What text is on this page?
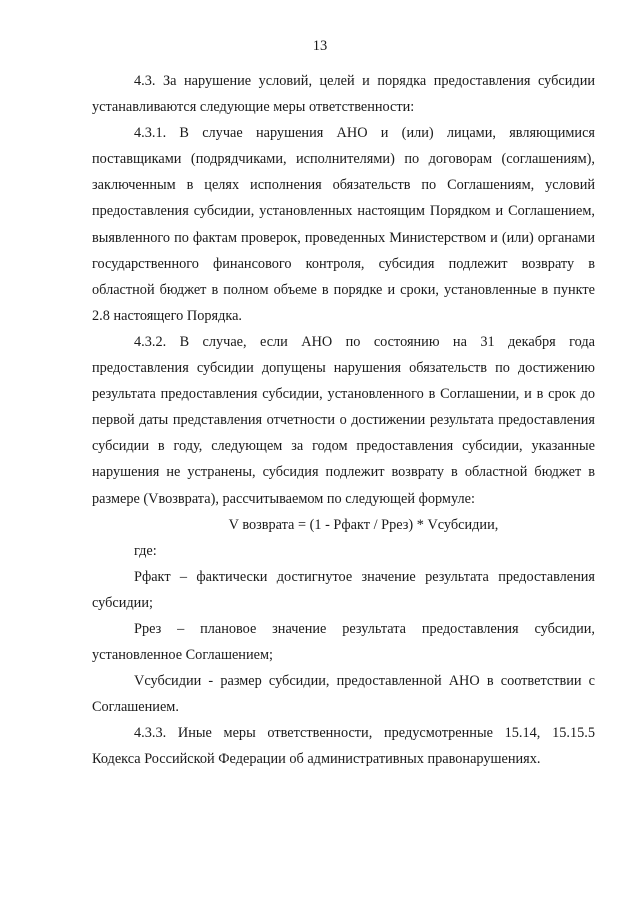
13

4.3. За нарушение условий, целей и порядка предоставления субсидии устанавливаются следующие меры ответственности:

4.3.1. В случае нарушения АНО и (или) лицами, являющимися поставщиками (подрядчиками, исполнителями) по договорам (соглашениям), заключенным в целях исполнения обязательств по Соглашениям, условий предоставления субсидии, установленных настоящим Порядком и Соглашением, выявленного по фактам проверок, проведенных Министерством и (или) органами государственного финансового контроля, субсидия подлежит возврату в областной бюджет в полном объеме в порядке и сроки, установленные в пункте 2.8 настоящего Порядка.

4.3.2. В случае, если АНО по состоянию на 31 декабря года предоставления субсидии допущены нарушения обязательств по достижению результата предоставления субсидии, установленного в Соглашении, и в срок до первой даты представления отчетности о достижении результата предоставления субсидии в году, следующем за годом предоставления субсидии, указанные нарушения не устранены, субсидия подлежит возврату в областной бюджет в размере (Vвозврата), рассчитываемом по следующей формуле:

V возврата = (1 - Рфакт / Ррез) * Vсубсидии,

где:

Рфакт – фактически достигнутое значение результата предоставления субсидии;

Ррез – плановое значение результата предоставления субсидии, установленное Соглашением;

Vсубсидии - размер субсидии, предоставленной АНО в соответствии с Соглашением.

4.3.3. Иные меры ответственности, предусмотренные 15.14, 15.15.5 Кодекса Российской Федерации об административных правонарушениях.
